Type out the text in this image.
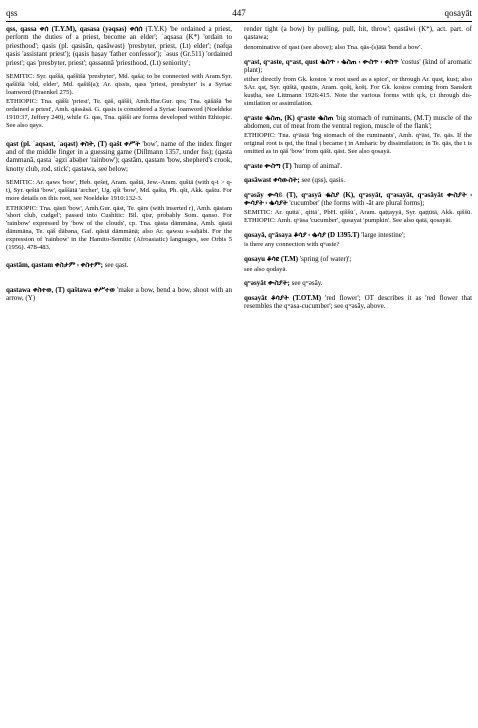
qss	447	qosayāt
qss, qassa ቀሰ (T.Y.M), qasasa (yəqsəs) ቀሰሰ (T.Y.K) 'be ordained a priest, perform the duties of a priest, become an elder'; ʾaqsasa (K*) 'ordain to priesthood'; qasis (pl. qasisān, qasāwəst) 'presbyter, priest, (Lt) elder'; (nəfqa qasis 'assistant priest'); (qasis ḥaṣay 'father confessor'); ʾəsus (Gr.511) 'ordained priest'; qas 'presbyter, priest'; qəssənnā 'priesthood, (Lt) seniority';
SEMITIC: Syr. qaššā, qaššīšā 'presbyter', Md. qaša; to be connected with Aram.Syr. qaššīšā 'old, elder', Md. qašiš(a); Ar. qissīs, qass 'priest, presbyter' is a Syriac loanword (Fraenkel 275).
ETHIOPIC: Tna. qäšši 'priest', Te. qäš, qäšši, Amh.Har.Gur. qes; Tna. qäšäšä 'be ordained a priest', Amh. qässäsä. G. qasis is considered a Syriac loanword (Noeldeke 1910:37, Jeffery 240), while G. qas, Tna. qäšši are forms developed within Ethiopic. See also qays.
qast (pl. ʾaqsəst, ʾaqəst) ቀስት, (T) qašt ቀሥት 'bow', name of the index finger and of the middle finger in a guessing game (Dillmann 1357, under fss); (qasta dammanā, qasta ʾəgziʾabəḥer 'rainbow'); qastām, qastam 'bow, shepherd's crook, knotty club, rod, stick'; qastawa, see below;
SEMITIC: Ar. qaws 'bow', Heb. qešeṯ, Aram. qaštā, Jew.-Aram. quštā (with q-t > q-t), Syr. qeštā 'bow', qaššātā 'archer', Ug. qšt 'bow', Md. qašta, Ph. qšt, Akk. qaštu. For more details on this root, see Noeldeke 1910:132-3.
ETHIOPIC: Tna. qästi 'bow', Amh.Gur. qäst, Te. qärs (with inserted r), Amh. qästam 'short club, cudgel'; passed into Cushitic: Bil. qisr, probably Som. qanso. For 'rainbow' expressed by 'bow of the clouds', cp. Tna. qästa dämmäna, Amh. qästä dämmäna, Te. qäš däbəna, Gaf. qästä dämmänä; also Ar. qawsu s-saḥābi. For the expression of 'rainbow' in the Hamito-Semitic (Afroasiatic) languages, see Orbis 5 (1956). 478-483.
qastām, qastam ቀስታም ፡ ቀስተም; see qast.
qastawa ቀስተወ, (T) qaštawa ቀሥተወ 'make a bow, bend a bow, shoot with an arrow, (Y)
render tight (a bow) by pulling, pull, hit, throw'; qastāwi (K*), act. part. of qastawa;
denominative of qast (see above); also Tna. qäs-(s)ätä 'bend a bow'.
qʷast, qʷaste, qʷast, qust ቈስጥ ፡ ቈስጠ ፡ ቍስጥ ፡ ቁስጥ 'costus' (kind of aromatic plant);
either directly from Gk. kostos 'a root used as a spice', or through Ar. qusṭ, kusṭ; also SAr. qsṭ, Syr. qūštā, qusṭūs, Aram. qošṭ, košṭ. For Gk. kostos coming from Sanskrit kuṣṭha, see Littmann 1926:415. Note the various forms with q:k, ṭ:t through dis-similation or assimilation.
qʷaste ቈስጠ, (K) qʷaste ቈስጠ 'big stomach of ruminants, (M.T) muscle of the abdomen, cut of meat from the ventral region, muscle of the flank';
ETHIOPIC: Tna. qʷästä 'big stomach of the ruminants', Amh. qʷäst, Te. qäs. If the original root is qst, the final ṭ became ṭ in Amharic by dissimilation; in Te. qäs, the t is omitted as in qäš 'bow' from qäšt. qäst. See also qosayā.
qʷaste ቍስጣ (T) 'hump of animal'.
qasāwast ቀሳውስት; see (qss), qasis.
qʷəsāy ቍሳይ (T), qʷasyā ቈስያ (K), qʷəsyāt, qʷəsayāt, qʷəsāyāt ቍስያት ፡ ቍሳያት ፡ ቈሳያት 'cucumber' (the forms with -āt are plural forms);
SEMITIC: Ar. quttāʾ, qittāʾ, PbH. qiššūʾ, Aram. qaṭṭayyā, Syr. qaṭṭūtā, Akk. qiššū. ETHIOPIC: Amh. qʷäsa 'cucumber', qusayat 'pumpkin'. See also qatā, qosayāt.
qosayā, qʷāsaya ቆሳያ ፡ ቈሳያ (D 1395.T) 'large intestine';
is there any connection with qʷaste?
qosayu ቆሳዩ (T.M) 'spring (of water)';
see also qodayā.
qʷəsyāt ቍስያት; see qʷəsāy.
qosayāt ቆሳያት (T.OT.M) 'red flower'; OT describes it as 'red flower that resembles the qʷasa-cucumber'; see qʷəsāy, above.
